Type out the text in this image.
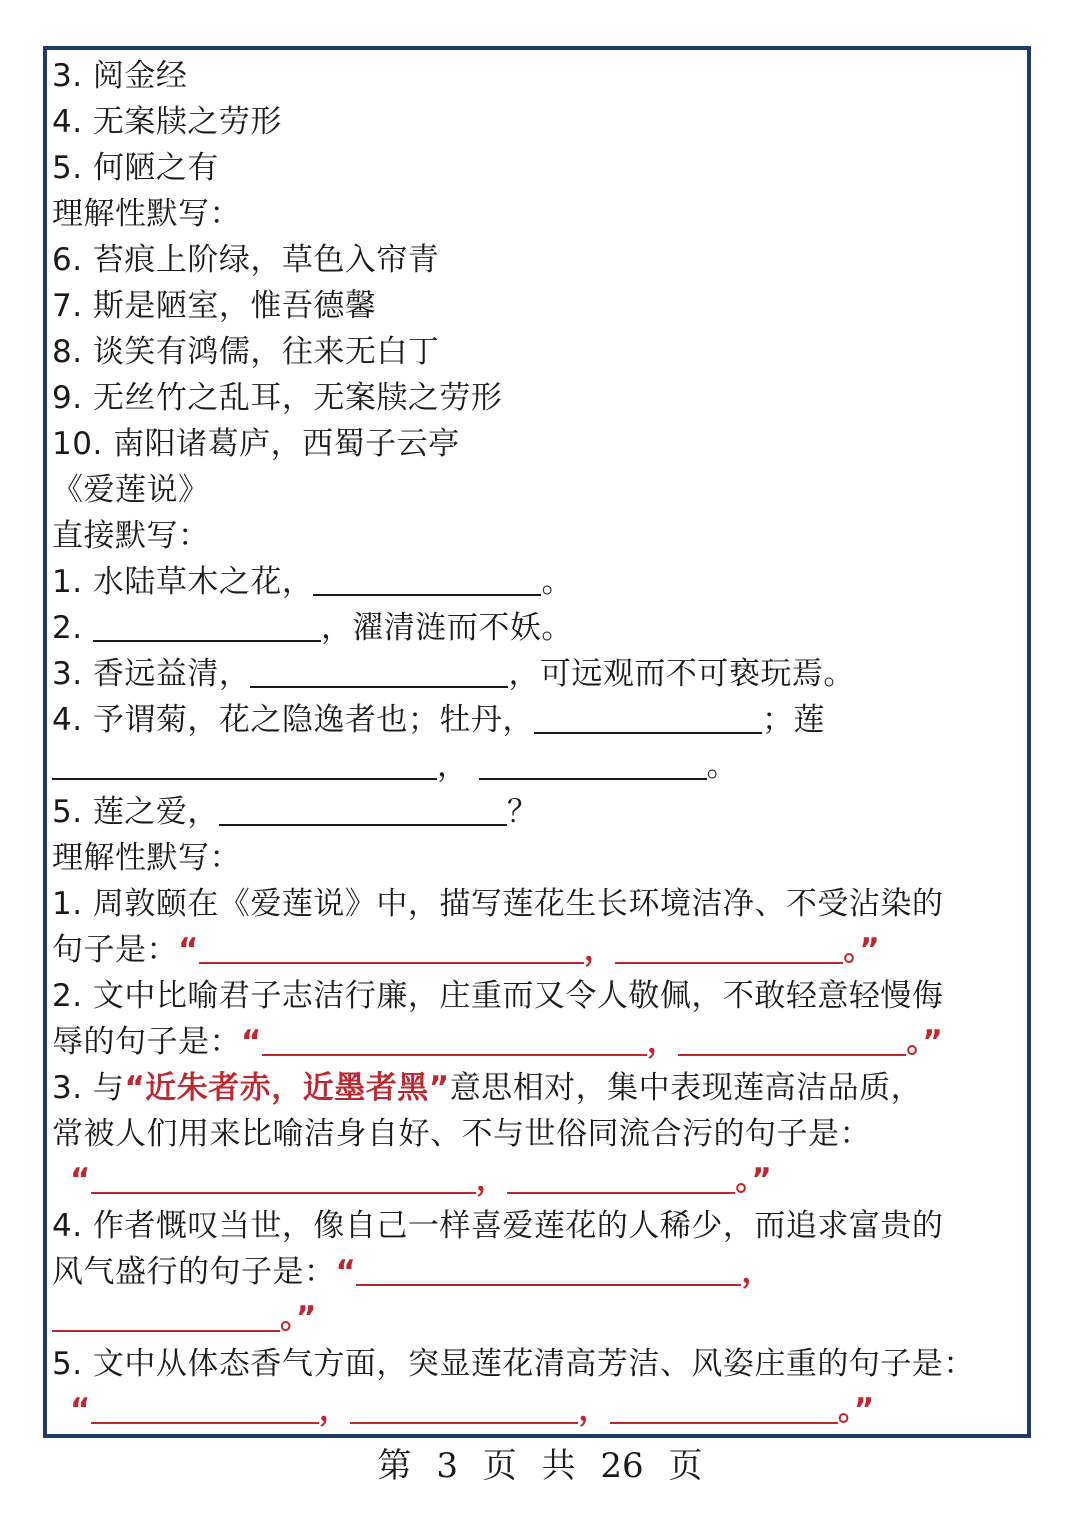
3. 阅金经
4. 无案牍之劳形
5. 何陋之有
理解性默写：
6. 苔痕上阶绿，草色入帘青
7. 斯是陋室，惟吾德馨
8. 谈笑有鸿儒，往来无白丁
9. 无丝竹之乱耳，无案牍之劳形
10. 南阳诸葛庐，西蜀子云亭
《爱莲说》
直接默写：
1. 水陆草木之花，	。
2.	，濯清涟而不妖。
3. 香远益清，	，可远观而不可亵玩焉。
4. 予谓菊，花之隐逸者也；牡丹，	；莲
，	。
5. 莲之爱，	？
理解性默写：
1. 周敦颐在《爱莲说》中，描写莲花生长环境洁净、不受沾染的
句子是：“	，	。”
2. 文中比喻君子志洁行廉，庄重而又令人敬佩，不敢轻意轻慢侮
辱的句子是：“	，	。”
3. 与“近朱者赤，近墨者黑”意思相对，集中表现莲高洁品质，
常被人们用来比喻洁身自好、不与世俗同流合污的句子是：
“	，	。”
4. 作者慨叹当世，像自己一样喜爱莲花的人稀少，而追求富贵的
风气盛行的句子是：“	，
。”
5. 文中从体态香气方面，突显莲花清高芳洁、风姿庄重的句子是：
“	，	，	。”
第 3 页 共 26 页
